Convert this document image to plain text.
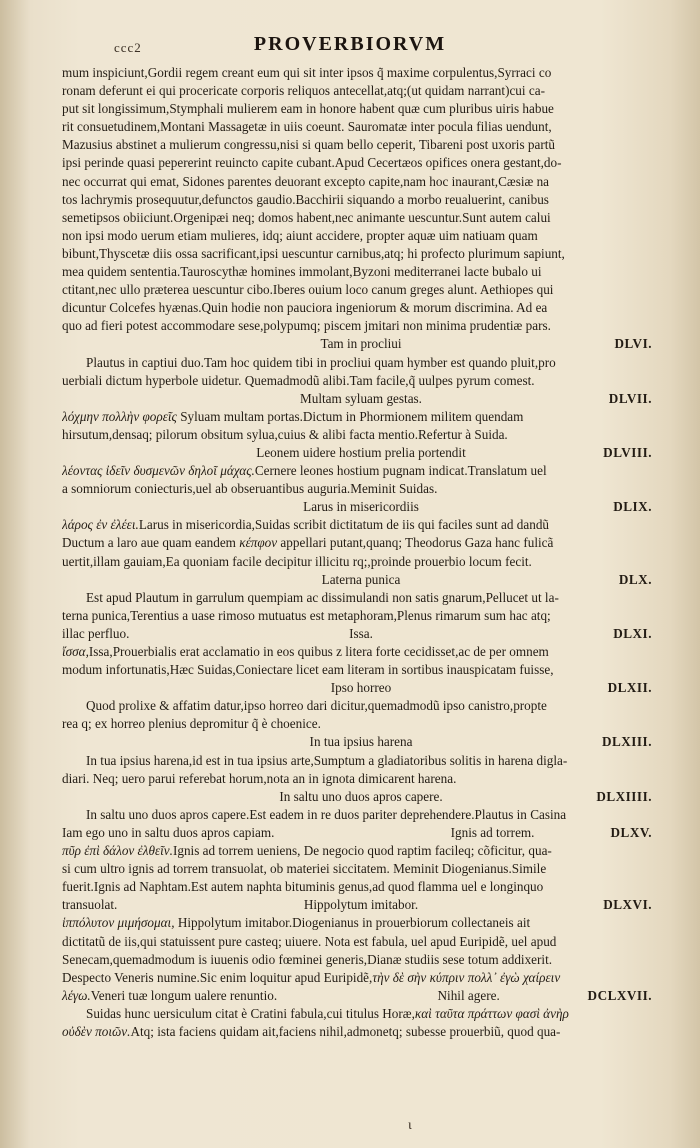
ccc2	PROVERBIORVM
mum inspiciunt,Gordii regem creant eum qui sit inter ipsos q̃ maxime corpulentus,Syrraci co
ronam deferunt ei qui procericate corporis reliquos antecellat,atq;(ut quidam narrant)cui ca-
put sit longissimum,Stymphali mulierem eam in honore habent quæ cum pluribus uiris habue
rit consuetudinem,Montani Massagetæ in uiis coeunt. Sauromatæ inter pocula filias uendunt,
Mazusius abstinet a mulierum congressu,nisi si quam bello ceperit, Tibareni post uxoris partũ
ipsi perinde quasi pepererint reuincto capite cubant.Apud Cecertæos opifices onera gestant,do-
nec occurrat qui emat, Sidones parentes deuorant excepto capite,nam hoc inaurant,Cæsiæ na
tos lachrymis prosequutur,defunctos gaudio.Bacchirii siquando a morbo reualuerint, canibus
semetipsos obiiciunt.Orgenipæi neq; domos habent,nec animante uescuntur.Sunt autem calui
non ipsi modo uerum etiam mulieres, idq; aiunt accidere, propter aquæ uim natiuam quam
bibunt,Thyscetæ diis ossa sacrificant,ipsi uescuntur carnibus,atq; hi profecto plurimum sapiunt,
mea quidem sententia.Taurоscythæ homines immolant,Byzoni mediterranei lacte bubalo ui
ctitant,nec ullo præterea uescuntur cibo.Iberes ouium loco canum greges alunt. Aethiopes qui
dicuntur Colcefes hyænas.Quin hodie non pauciora ingeniorum & morum discrimina. Ad ea
quo ad fieri potest accommodare sese,polypumq; piscem jmitari non minima prudentiæ pars.
Tam in procliui	DLVI.
Plautus in captiui duo.Tam hoc quidem tibi in procliui quam hymber est quando pluit,pro
uerbiali dictum hyperbole uidetur. Quemadmodũ alibi.Tam facile,q̃ uulpes pyrum comest.
Multam syluam gestas.	DLVII.
λόχμην πολλὴν φορεῖς Syluam multam portas.Dictum in Phormionem militem quendam
hirsutum,densaq; pilorum obsitum sylua,cuius & alibi facta mentio.Refertur à Suida.
Leonem uidere hostium prelia portendit	DLVIII.
λέοντας ἰδεῖν δυσμενῶν δηλοῖ μάχας.Cernere leones hostium pugnam indicat.Translatum uel
a somniorum coniecturis,uel ab obseruantibus auguria.Meminit Suidas.
Larus in misericordiis	DLIX.
λάρος ἐν ἐλέει.Larus in misericordia,Suidas scribit dictitatum de iis qui faciles sunt ad dandũ
Ductum a laro aue quam eandem κέπφον appellari putant,quanq; Theodorus Gaza hanc fulicã
uertit,illam gauiam,Ea quoniam facile decipitur illicitu rq;,proinde prouerbio locum fecit.
Laterna punica	DLX.
Est apud Plautum in garrulum quempiam ac dissimulandi non satis gnarum,Pellucet ut la-
terna punica,Terentius a uase rimoso mutuatus est metaphoram,Plenus rimarum sum hac atq;
illac perfluo.	Issa.	DLXI.
ἴσσα,Issa,Prouerbialis erat acclamatio in eos quibus z litera forte cecidisset,ac de per omnem
modum infortunatis,Hæc Suidas,Coniectare licet eam literam in sortibus inauspicatam fuisse,
Ipso horreo	DLXII.
Quod prolixe & affatim datur,ipso horreo dari dicitur,quemadmodũ ipso canistro,propte
rea q; ex horreo plenius depromitur q̃ è choenice.
In tua ipsius harena	DLXIII.
In tua ipsius harena,id est in tua ipsius arte,Sumptum a gladiatoribus solitis in harena digla-
diari. Neq; uero parui referebat horum,nota an in ignota dimicarent harena.
In saltu uno duos apros capere.	DLXIIII.
In saltu uno duos apros capere.Est eadem in re duos pariter deprehendere.Plautus in Casina
Iam ego uno in saltu duos apros capiam.	Ignis ad torrem.	DLXV.
πῦρ ἐπὶ δάλον ἐλθεῖν.Ignis ad torrem ueniens, De negocio quod raptim facileq; cõficitur, qua-
si cum ultro ignis ad torrem transuolat, ob materiei siccitatem. Meminit Diogenianus.Simile
fuerit.Ignis ad Naphtam.Est autem naphta bituminis genus,ad quod flamma uel e longinquo
transuolat.	Hippolytum imitabor.	DLXVI.
ἱππόλυτον μιμήσομαι, Hippolytum imitabor.Diogenianus in prouerbiorum collectaneis ait
dictitatũ de iis,qui statuissent pure casteq; uiuere. Nota est fabula, uel apud Euripidẽ, uel apud
Senecam,quemadmodum is iuuenis odio fœminei generis,Dianæ studiis sese totum addixerit.
Despecto Veneris numine.Sic enim loquitur apud Euripidẽ,τὴν δὲ σὴν κύπριν πολλ᾽ ἐγὼ χαίρειν
λέγω.Veneri tuæ longum ualere renuntio.	Nihil agere.	DCLXVII.
Suidas hunc uersiculum citat è Cratini fabula,cui titulus Horæ,καὶ ταῦτα πράττων φασὶ ἀνὴρ
οὐδὲν ποιῶν.Atq; ista faciens quidam ait,faciens nihil,admonetq; subesse prouerbiũ, quod qua-
ɩ
